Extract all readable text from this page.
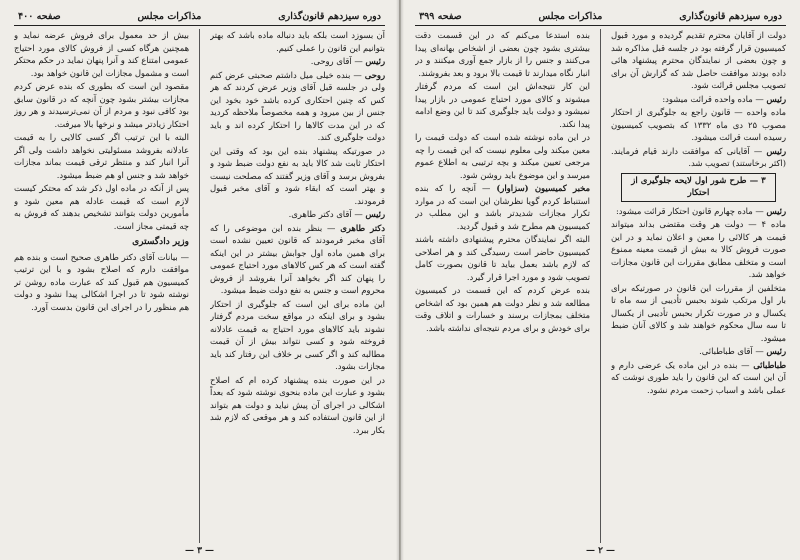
دوره سیزدهم قانون‌گذاری
مذاکرات مجلس
صفحه ۴۰۰

آن بسوزد است بلکه باید دنباله ماده باشد که بهتر بتوانیم این قانون را عملی کنیم.

رئیس — آقای روحی.

روحی — بنده خیلی میل داشتم صحبتی عرض کنم ولی در جلسه قبل آقای وزیر عرض کردند که هر کس که چنین احتکاری کرده باشد خود بخود این جنس از بین میرود و همه مخصوصاً ملاحظه کردید که در این مدت کالاها را احتکار کرده اند و باید دولت جلوگیری کند.

در صورتیکه پیشنهاد بنده این بود که وقتی این احتکار ثابت شد کالا باید به نفع دولت ضبط شود و بفروش برسد و آقای وزیر گفتند که مصلحت نیست و بهتر است که ابقاء شود و آقای مخبر قبول فرمودند.

رئیس — آقای دکتر طاهری.

دکتر طاهری — بنظر بنده این موضوعی را که آقای مخبر فرمودند که قانون تعیین نشده است برای همین ماده اول جوابش بیشتر در این اینکه گفته است که هر کس کالاهای مورد احتیاج عمومی را پنهان کند اگر بخواهد آنرا بفروشد از فروش محروم است و جنس به نفع دولت ضبط میشود.

این ماده برای این است که جلوگیری از احتکار بشود و برای اینکه در مواقع سخت مردم گرفتار نشوند باید کالاهای مورد احتیاج به قیمت عادلانه فروخته شود و کسی نتواند بیش از آن قیمت مطالبه کند و اگر کسی بر خلاف این رفتار کند باید مجازات بشود.

در این صورت بنده پیشنهاد کرده ام که اصلاح بشود و عبارت این ماده بنحوی نوشته شود که بعداً اشکالی در اجرای آن پیش نیاید و دولت هم بتواند از این قانون استفاده کند و هر موقعی که لازم شد بکار ببرد.

بیش از حد معمول برای فروش عرضه نماید و همچنین هرگاه کسی از فروش کالای مورد احتیاج عمومی امتناع کند و آنرا پنهان نماید در حکم محتکر است و مشمول مجازات این قانون خواهد بود.

مقصود این است که بطوری که بنده عرض کردم مجازات بیشتر بشود چون آنچه که در قانون سابق بود کافی نبود و مردم از آن نمی‌ترسیدند و هر روز احتکار زیادتر میشد و نرخها بالا میرفت.

البته با این ترتیب اگر کسی کالایی را به قیمت عادلانه بفروشد مسئولیتی نخواهد داشت ولی اگر آنرا انبار کند و منتظر ترقی قیمت بماند مجازات خواهد شد و جنس او هم ضبط میشود.

پس از آنکه در ماده اول ذکر شد که محتکر کیست لازم است که قیمت عادله هم معین شود و مأمورین دولت بتوانند تشخیص بدهند که فروش به چه قیمتی مجاز است.

وزیر دادگستری

— بیانات آقای دکتر طاهری صحیح است و بنده هم موافقت دارم که اصلاح بشود و با این ترتیب کمیسیون هم قبول کند که عبارت ماده روشن تر نوشته شود تا در اجرا اشکالی پیدا نشود و دولت هم منظور را در اجرای این قانون بدست آورد.

— ۳ —
دوره سیزدهم قانون‌گذاری
مذاکرات مجلس
صفحه ۳۹۹

دولت از آقایان محترم تقدیم گردیده و مورد قبول کمیسیون قرار گرفته بود در جلسه قبل مذاکره شد و چون بعضی از نمایندگان محترم پیشنهاد هائی داده بودند موافقت حاصل شد که گزارش آن برای تصویب مجلس قرائت شود.

رئیس — ماده واحده قرائت میشود:

ماده واحده — قانون راجع به جلوگیری از احتکار مصوب ۲۵ دی ماه ۱۳۳۲ که بتصویب کمیسیون رسیده است قرائت میشود.

رئیس — آقایانی که موافقت دارند قیام فرمایند. (اکثر برخاستند) تصویب شد.

۳ — طرح شور اول لایحه جلوگیری از احتکار

رئیس — ماده چهارم قانون احتکار قرائت میشود:

ماده ۴ — دولت هر وقت مقتضی بداند میتواند قیمت هر کالائی را معین و اعلان نماید و در این صورت فروش کالا به بیش از قیمت معینه ممنوع است و متخلف مطابق مقررات این قانون مجازات خواهد شد.

متخلفین از مقررات این قانون در صورتیکه برای بار اول مرتکب شوند بحبس تأدیبی از سه ماه تا یکسال و در صورت تکرار بحبس تأدیبی از یکسال تا سه سال محکوم خواهند شد و کالای آنان ضبط میشود.

رئیس — آقای طباطبائی.

طباطبائی — بنده در این ماده یک عرضی دارم و آن این است که این قانون را باید طوری نوشت که عملی باشد و اسباب زحمت مردم نشود.

بنده استدعا می‌کنم که در این قسمت دقت بیشتری بشود چون بعضی از اشخاص بهانه‌ای پیدا می‌کنند و جنس را از بازار جمع آوری میکنند و در انبار نگاه میدارند تا قیمت بالا برود و بعد بفروشند.

این کار نتیجه‌اش این است که مردم گرفتار میشوند و کالای مورد احتیاج عمومی در بازار پیدا نمیشود و دولت باید جلوگیری کند تا این وضع ادامه پیدا نکند.

در این ماده نوشته شده است که دولت قیمت را معین میکند ولی معلوم نیست که این قیمت را چه مرجعی تعیین میکند و بچه ترتیبی به اطلاع عموم میرسد و این موضوع باید روشن شود.

مخبر کمیسیون (سزاوار) — آنچه را که بنده استنباط کردم گویا نظرشان این است که در موارد تکرار مجازات شدیدتر باشد و این مطلب در کمیسیون هم مطرح شد و قبول گردید.

البته اگر نمایندگان محترم پیشنهادی داشته باشند کمیسیون حاضر است رسیدگی کند و هر اصلاحی که لازم باشد بعمل بیاید تا قانون بصورت کامل تصویب شود و مورد اجرا قرار گیرد.

بنده عرض کردم که این قسمت در کمیسیون مطالعه شد و نظر دولت هم همین بود که اشخاص متخلف بمجازات برسند و خسارات و اتلاف وقت برای خودش و برای مردم نتیجه‌ای نداشته باشد.

— ۲ —
